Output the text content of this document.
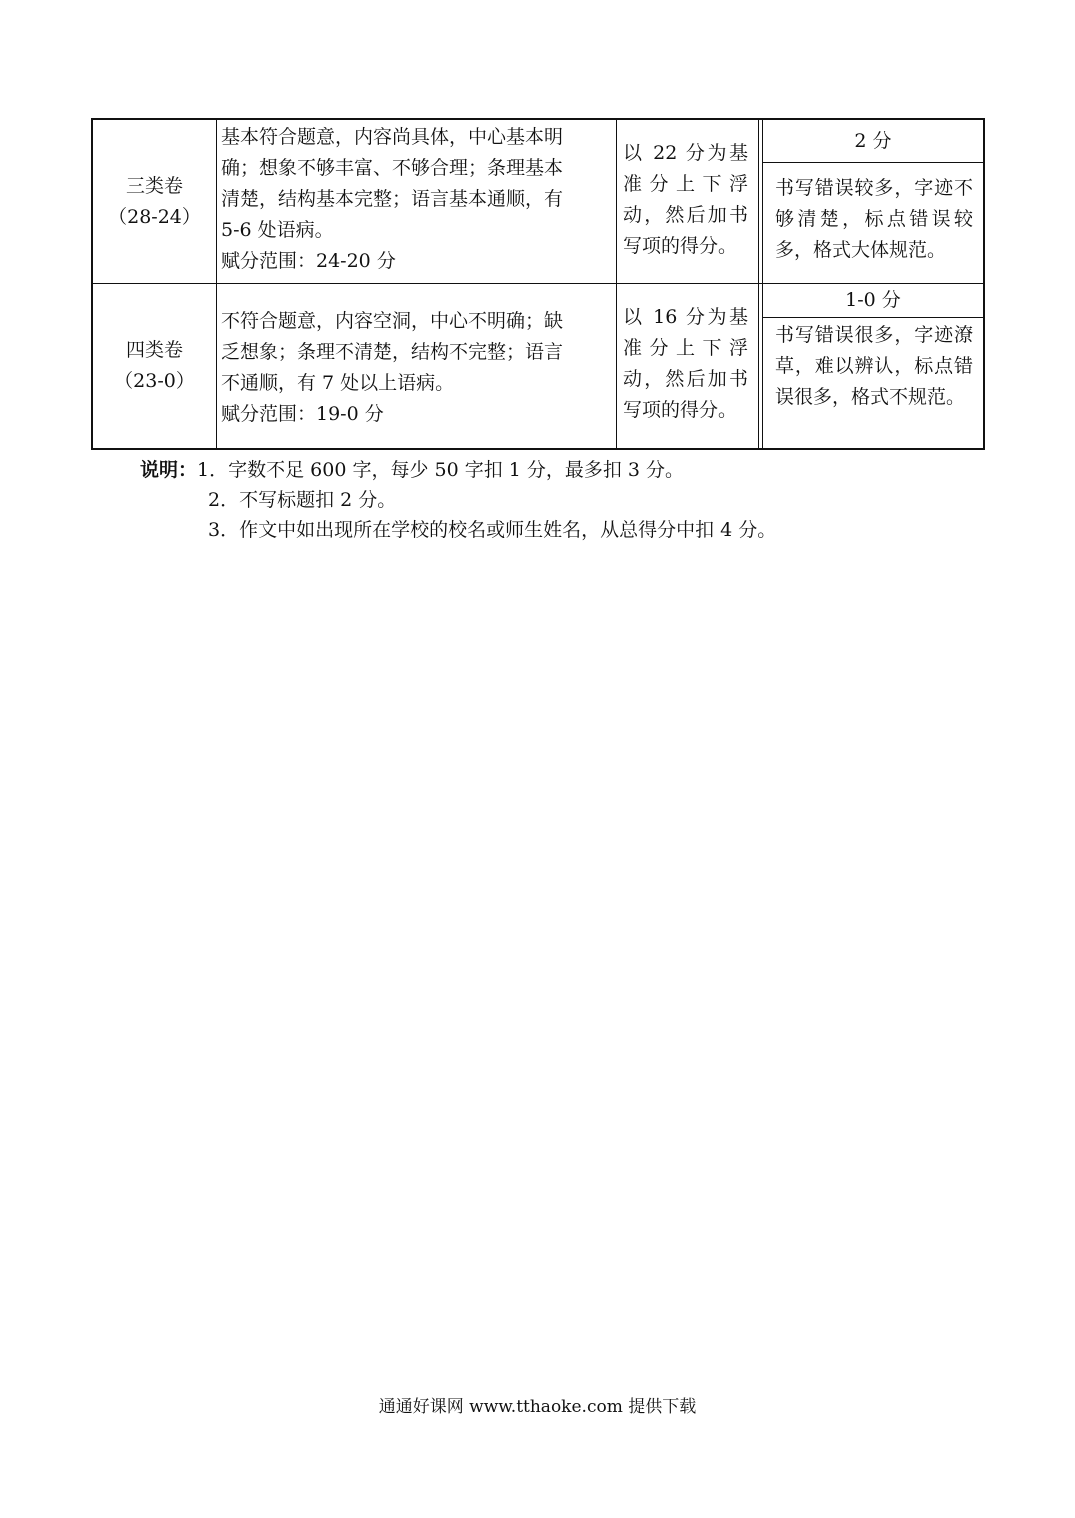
三类卷
（28-24）
基本符合题意，内容尚具体，中心基本明
确；想象不够丰富、不够合理；条理基本
清楚，结构基本完整；语言基本通顺，有
5-6 处语病。
赋分范围：24-20 分
以 22 分为基准分上下浮动，然后加书写项的得分。
2 分
书写错误较多，字迹不够清楚，标点错误较多，格式大体规范。
四类卷
（23-0）
不符合题意，内容空洞，中心不明确；缺
乏想象；条理不清楚，结构不完整；语言
不通顺，有 7 处以上语病。
赋分范围：19-0 分
以 16 分为基准分上下浮动，然后加书写项的得分。
1-0 分
书写错误很多，字迹潦草，难以辨认，标点错误很多，格式不规范。
说明：1．字数不足 600 字，每少 50 字扣 1 分，最多扣 3 分。
2．不写标题扣 2 分。
3．作文中如出现所在学校的校名或师生姓名，从总得分中扣 4 分。
通通好课网 www.tthaoke.com 提供下载
